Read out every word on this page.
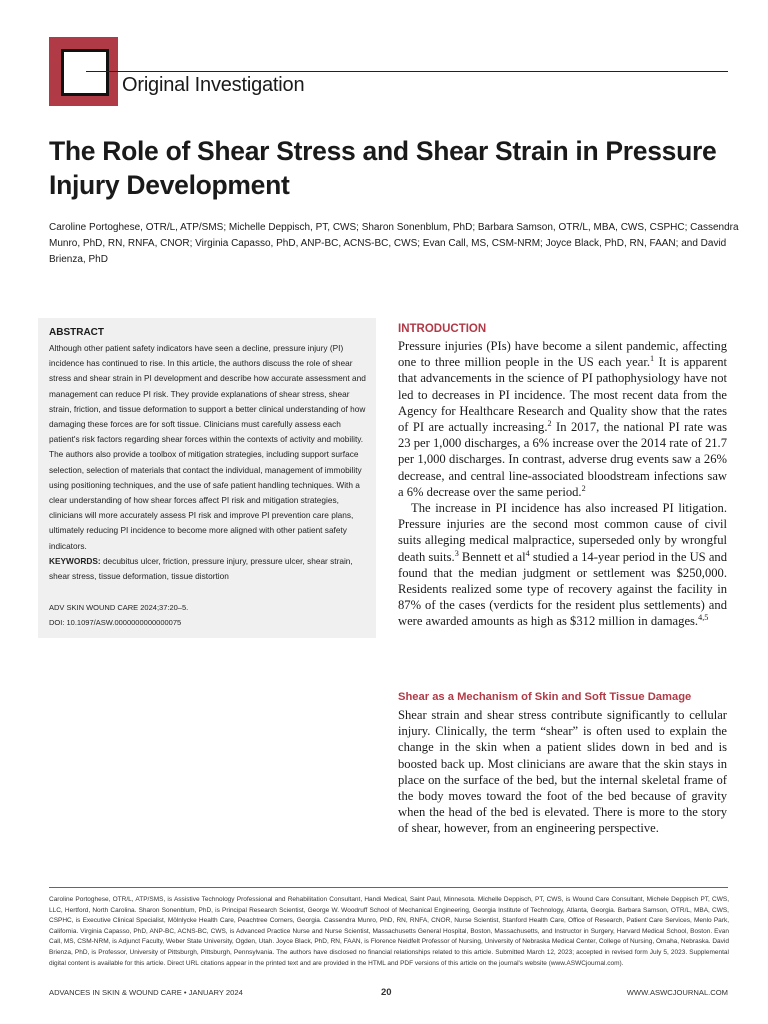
Original Investigation
The Role of Shear Stress and Shear Strain in Pressure Injury Development
Caroline Portoghese, OTR/L, ATP/SMS; Michelle Deppisch, PT, CWS; Sharon Sonenblum, PhD; Barbara Samson, OTR/L, MBA, CWS, CSPHC; Cassendra Munro, PhD, RN, RNFA, CNOR; Virginia Capasso, PhD, ANP-BC, ACNS-BC, CWS; Evan Call, MS, CSM-NRM; Joyce Black, PhD, RN, FAAN; and David Brienza, PhD
ABSTRACT
Although other patient safety indicators have seen a decline, pressure injury (PI) incidence has continued to rise. In this article, the authors discuss the role of shear stress and shear strain in PI development and describe how accurate assessment and management can reduce PI risk. They provide explanations of shear stress, shear strain, friction, and tissue deformation to support a better clinical understanding of how damaging these forces are for soft tissue. Clinicians must carefully assess each patient's risk factors regarding shear forces within the contexts of activity and mobility. The authors also provide a toolbox of mitigation strategies, including support surface selection, selection of materials that contact the individual, management of immobility using positioning techniques, and the use of safe patient handling techniques. With a clear understanding of how shear forces affect PI risk and mitigation strategies, clinicians will more accurately assess PI risk and improve PI prevention care plans, ultimately reducing PI incidence to become more aligned with other patient safety indicators.
KEYWORDS: decubitus ulcer, friction, pressure injury, pressure ulcer, shear strain, shear stress, tissue deformation, tissue distortion
ADV SKIN WOUND CARE 2024;37:20–5.
DOI: 10.1097/ASW.0000000000000075
INTRODUCTION

Pressure injuries (PIs) have become a silent pandemic, affecting one to three million people in the US each year.$^1$ It is apparent that advancements in the science of PI pathophysiology have not led to decreases in PI incidence. The most recent data from the Agency for Healthcare Research and Quality show that the rates of PI are actually increasing.$^2$ In 2017, the national PI rate was 23 per 1,000 discharges, a 6% increase over the 2014 rate of 21.7 per 1,000 discharges. In contrast, adverse drug events saw a 26% decrease, and central line-associated bloodstream infections saw a 6% decrease over the same period.$^2$

The increase in PI incidence has also increased PI litigation. Pressure injuries are the second most common cause of civil suits alleging medical malpractice, superseded only by wrongful death suits.$^3$ Bennett et $al^4$ studied a 14-year period in the US and found that the median judgment or settlement was $250,000. Residents realized some type of recovery against the facility in 87% of the cases (verdicts for the resident plus settlements) and were awarded amounts as high as $312 million in damages.$^{4,5}$

Shear as a Mechanism of Skin and Soft Tissue Damage

Shear strain and shear stress contribute significantly to cellular injury. Clinically, the term “shear” is often used to explain the change in the skin when a patient slides down in bed and is boosted back up. Most clinicians are aware that the skin stays in place on the surface of the bed, but the internal skeletal frame of the body moves toward the foot of the bed because of gravity when the head of the bed is elevated. There is more to the story of shear, however, from an engineering perspective.

Caroline Portoghese, OTR/L, ATP/SMS, is Assistive Technology Professional and Rehabilitation Consultant, Handi Medical, Saint Paul, Minnesota. Michelle Deppisch, PT, CWS, is Wound Care Consultant, Michele Deppisch PT, CWS, LLC, Hertford, North Carolina. Sharon Sonenblum, PhD, is Principal Research Scientist, George W. Woodruff School of Mechanical Engineering, Georgia Institute of Technology, Atlanta, Georgia. Barbara Samson, OTR/L, MBA, CWS, CSPHC, is Executive Clinical Specialist, Mölnlycke Health Care, Peachtree Corners, Georgia. Cassendra Munro, PhD, RN, RNFA, CNOR, Nurse Scientist, Stanford Health Care, Office of Research, Patient Care Services, Menlo Park, California. Virginia Capasso, PhD, ANP-BC, ACNS-BC, CWS, is Advanced Practice Nurse and Nurse Scientist, Massachusetts General Hospital, Boston, Massachusetts, and Instructor in Surgery, Harvard Medical School, Boston. Evan Call, MS, CSM-NRM, is Adjunct Faculty, Weber State University, Ogden, Utah. Joyce Black, PhD, RN, FAAN, is Florence Neidfelt Professor of Nursing, University of Nebraska Medical Center, College of Nursing, Omaha, Nebraska. David Brienza, PhD, is Professor, University of Pittsburgh, Pittsburgh, Pennsylvania. The authors have disclosed no financial relationships related to this article. Submitted March 12, 2023; accepted in revised form July 5, 2023. Supplemental digital content is available for this article. Direct URL citations appear in the printed text and are provided in the HTML and PDF versions of this article on the journal's website (www.ASWCjournal.com).
ADVANCES IN SKIN & WOUND CARE • JANUARY 2024	20	WWW.ASWCJOURNAL.COM
